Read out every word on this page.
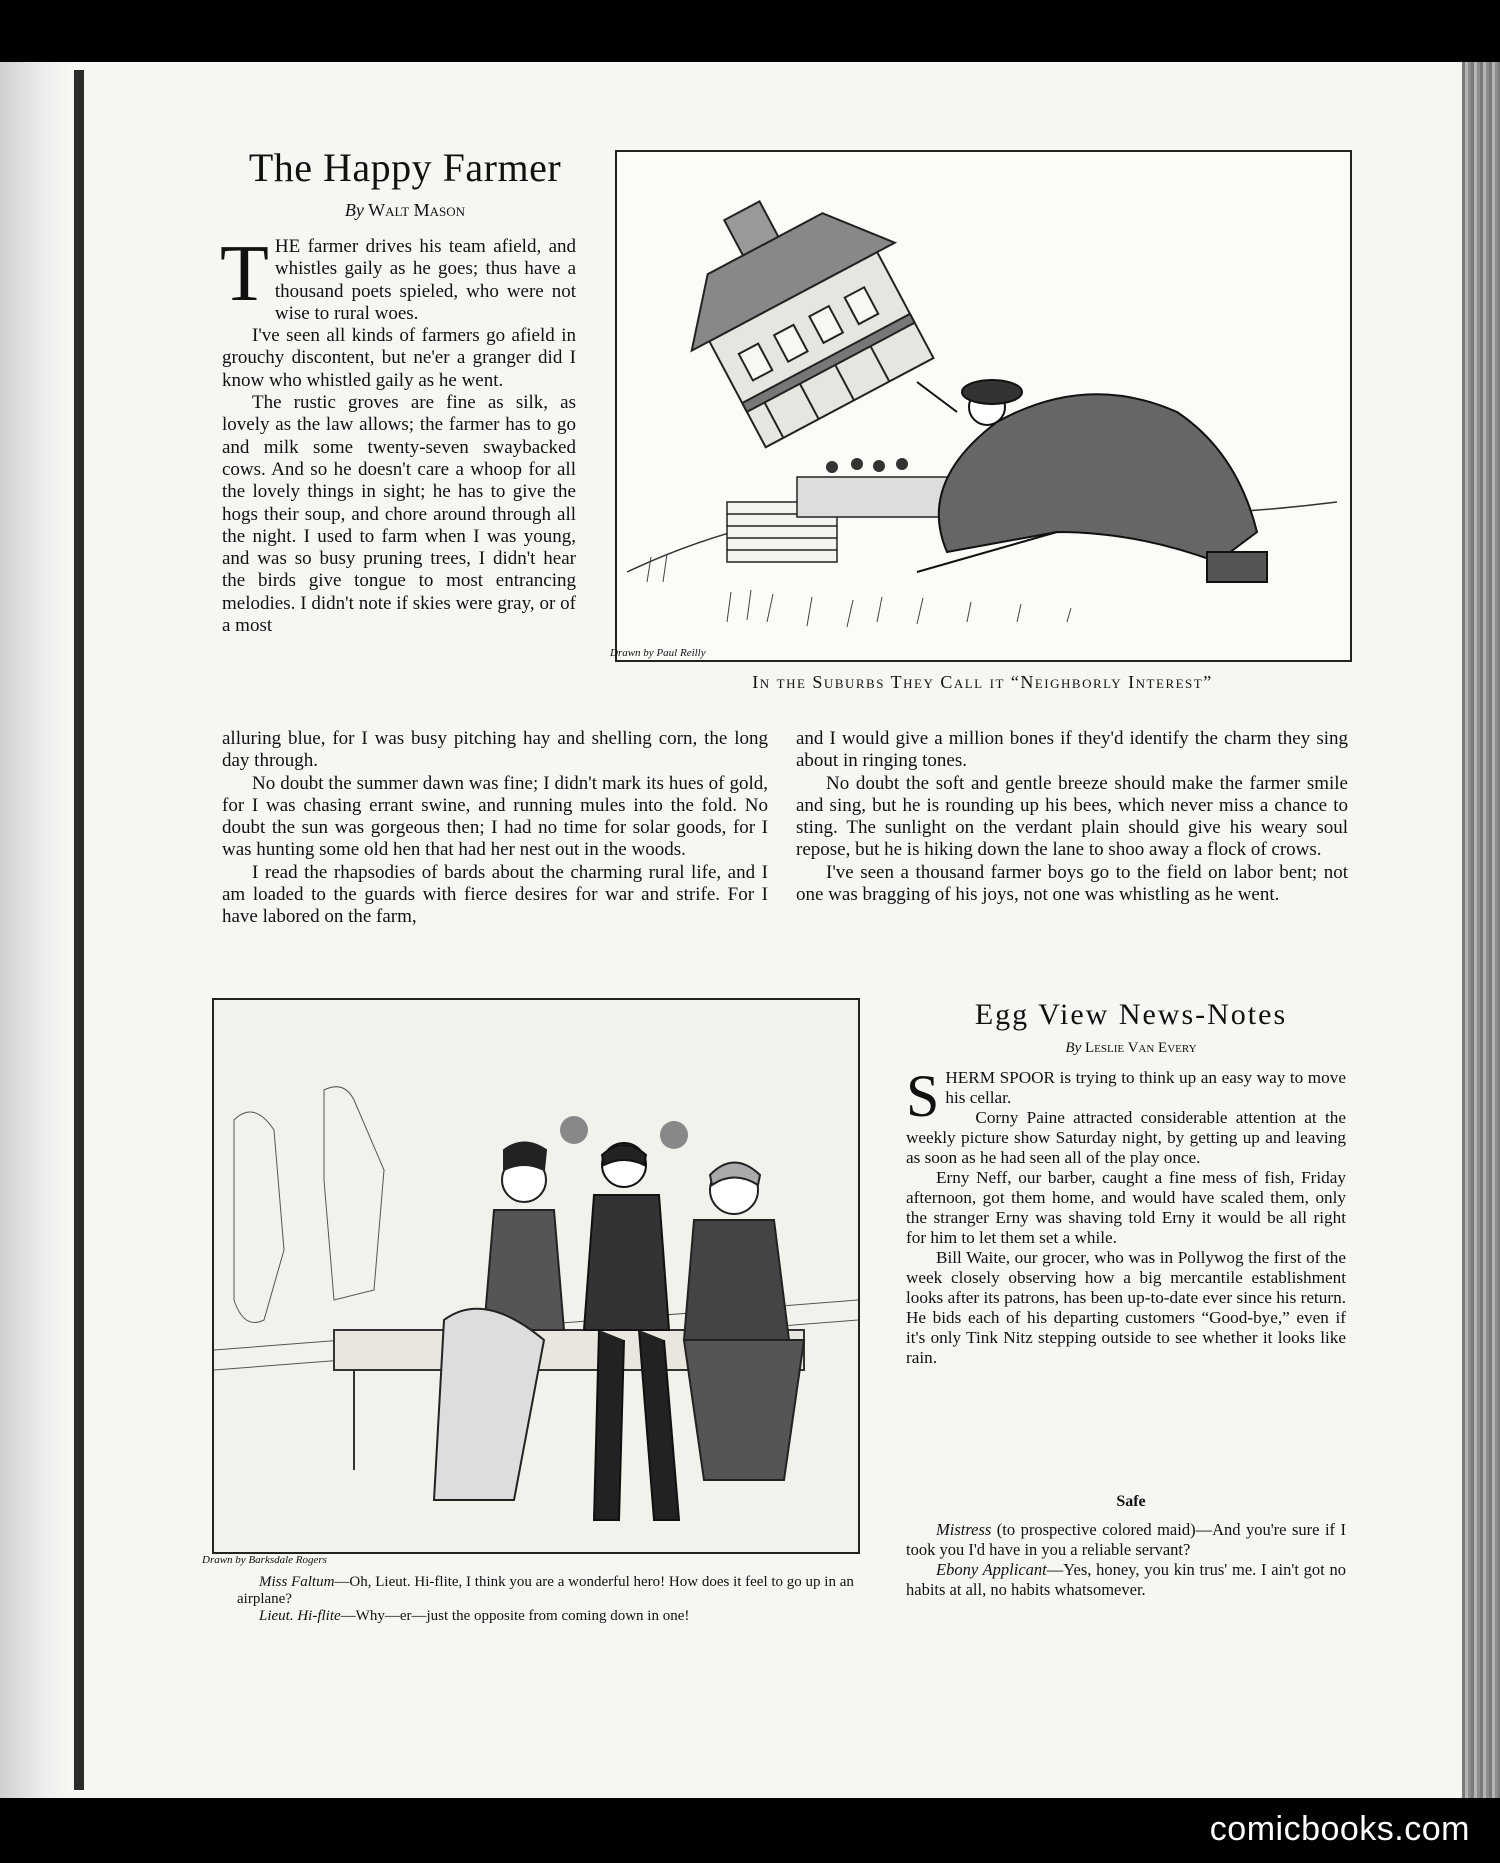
The Happy Farmer
By Walt Mason

THE farmer drives his team afield, and whistles gaily as he goes; thus have a thousand poets spieled, who were not wise to rural woes.

I've seen all kinds of farmers go afield in grouchy discontent, but ne'er a granger did I know who whistled gaily as he went.

The rustic groves are fine as silk, as lovely as the law allows; the farmer has to go and milk some twenty-seven swaybacked cows. And so he doesn't care a whoop for all the lovely things in sight; he has to give the hogs their soup, and chore around through all the night. I used to farm when I was young, and was so busy pruning trees, I didn't hear the birds give tongue to most entrancing melodies. I didn't note if skies were gray, or of a most

alluring blue, for I was busy pitching hay and shelling corn, the long day through.

No doubt the summer dawn was fine; I didn't mark its hues of gold, for I was chasing errant swine, and running mules into the fold. No doubt the sun was gorgeous then; I had no time for solar goods, for I was hunting some old hen that had her nest out in the woods.

I read the rhapsodies of bards about the charming rural life, and I am loaded to the guards with fierce desires for war and strife. For I have labored on the farm,

and I would give a million bones if they'd identify the charm they sing about in ringing tones.

No doubt the soft and gentle breeze should make the farmer smile and sing, but he is rounding up his bees, which never miss a chance to sting. The sunlight on the verdant plain should give his weary soul repose, but he is hiking down the lane to shoo away a flock of crows.

I've seen a thousand farmer boys go to the field on labor bent; not one was bragging of his joys, not one was whistling as he went.

Drawn by Paul Reilly
In the Suburbs They Call it “Neighborly Interest”
Drawn by Barksdale Rogers

Miss Faltum—Oh, Lieut. Hi-flite, I think you are a wonderful hero! How does it feel to go up in an airplane?

Lieut. Hi-flite—Why—er—just the opposite from coming down in one!

Egg View News-Notes
By Leslie Van Every

SHERM SPOOR is trying to think up an easy way to move his cellar.

Corny Paine attracted considerable attention at the weekly picture show Saturday night, by getting up and leaving as soon as he had seen all of the play once.

Erny Neff, our barber, caught a fine mess of fish, Friday afternoon, got them home, and would have scaled them, only the stranger Erny was shaving told Erny it would be all right for him to let them set a while.

Bill Waite, our grocer, who was in Pollywog the first of the week closely observing how a big mercantile establishment looks after its patrons, has been up-to-date ever since his return. He bids each of his departing customers “Good-bye,” even if it's only Tink Nitz stepping outside to see whether it looks like rain.

Safe

Mistress (to prospective colored maid)—And you're sure if I took you I'd have in you a reliable servant?

Ebony Applicant—Yes, honey, you kin trus' me. I ain't got no habits at all, no habits whatsomever.

comicbooks.com
